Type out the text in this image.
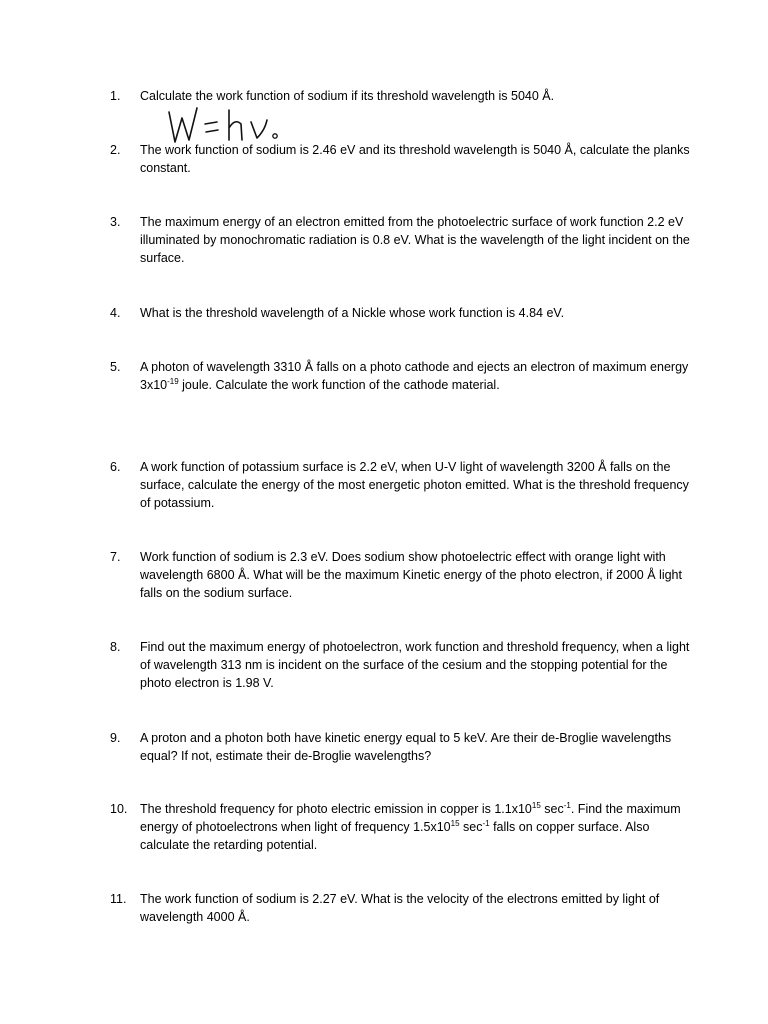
1.	Calculate the work function of sodium if its threshold wavelength is 5040 Å.
2.	The work function of sodium is 2.46 eV and its threshold wavelength is 5040 Å, calculate the planks constant.
3.	The maximum energy of an electron emitted from the photoelectric surface of work function 2.2 eV illuminated by monochromatic radiation is 0.8 eV. What is the wavelength of the light incident on the surface.
4.	What is the threshold wavelength of a Nickle whose work function is 4.84 eV.
5.	A photon of wavelength 3310 Å falls on a photo cathode and ejects an electron of maximum energy $3x10^{-19}$ joule. Calculate the work function of the cathode material.
6.	A work function of potassium surface is 2.2 eV, when U-V light of wavelength 3200 Å falls on the surface, calculate the energy of the most energetic photon emitted. What is the threshold frequency of potassium.
7.	Work function of sodium is 2.3 eV. Does sodium show photoelectric effect with orange light with wavelength 6800 Å. What will be the maximum Kinetic energy of the photo electron, if 2000 Å light falls on the sodium surface.
8.	Find out the maximum energy of photoelectron, work function and threshold frequency, when a light of wavelength 313 nm is incident on the surface of the cesium and the stopping potential for the photo electron is 1.98 V.
9.	A proton and a photon both have kinetic energy equal to 5 keV. Are their de-Broglie wavelengths equal? If not, estimate their de-Broglie wavelengths?
10.	The threshold frequency for photo electric emission in copper is $1.1x10^{15}$ $\sec^{-1}$. Find the maximum energy of photoelectrons when light of frequency $1.5x10^{15}$ $\sec^{-1}$ falls on copper surface. Also calculate the retarding potential.
11.	The work function of sodium is 2.27 eV. What is the velocity of the electrons emitted by light of wavelength 4000 Å.
